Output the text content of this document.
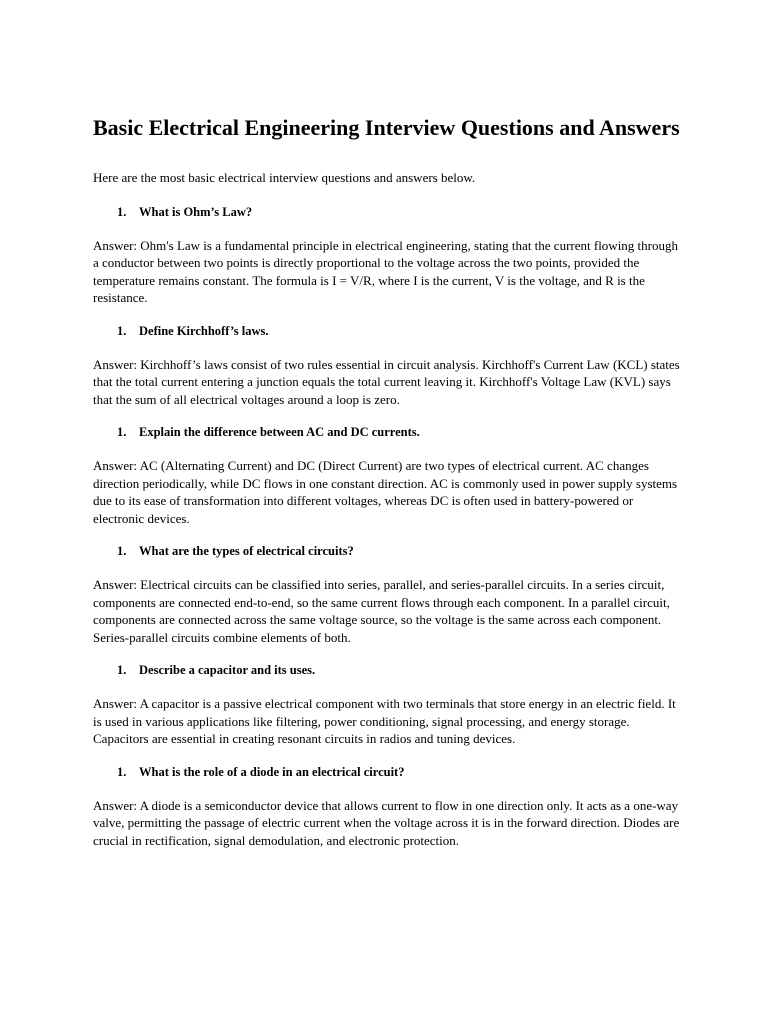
Basic Electrical Engineering Interview Questions and Answers

Here are the most basic electrical interview questions and answers below.

1.	What is Ohm’s Law?

Answer: Ohm's Law is a fundamental principle in electrical engineering, stating that the current flowing through a conductor between two points is directly proportional to the voltage across the two points, provided the temperature remains constant. The formula is I = V/R, where I is the current, V is the voltage, and R is the resistance.

1.	Define Kirchhoff’s laws.

Answer: Kirchhoff’s laws consist of two rules essential in circuit analysis. Kirchhoff's Current Law (KCL) states that the total current entering a junction equals the total current leaving it. Kirchhoff's Voltage Law (KVL) says that the sum of all electrical voltages around a loop is zero.

1.	Explain the difference between AC and DC currents.

Answer: AC (Alternating Current) and DC (Direct Current) are two types of electrical current. AC changes direction periodically, while DC flows in one constant direction. AC is commonly used in power supply systems due to its ease of transformation into different voltages, whereas DC is often used in battery-powered or electronic devices.

1.	What are the types of electrical circuits?

Answer: Electrical circuits can be classified into series, parallel, and series-parallel circuits. In a series circuit, components are connected end-to-end, so the same current flows through each component. In a parallel circuit, components are connected across the same voltage source, so the voltage is the same across each component. Series-parallel circuits combine elements of both.

1.	Describe a capacitor and its uses.

Answer: A capacitor is a passive electrical component with two terminals that store energy in an electric field. It is used in various applications like filtering, power conditioning, signal processing, and energy storage. Capacitors are essential in creating resonant circuits in radios and tuning devices.

1.	What is the role of a diode in an electrical circuit?

Answer: A diode is a semiconductor device that allows current to flow in one direction only. It acts as a one-way valve, permitting the passage of electric current when the voltage across it is in the forward direction. Diodes are crucial in rectification, signal demodulation, and electronic protection.
